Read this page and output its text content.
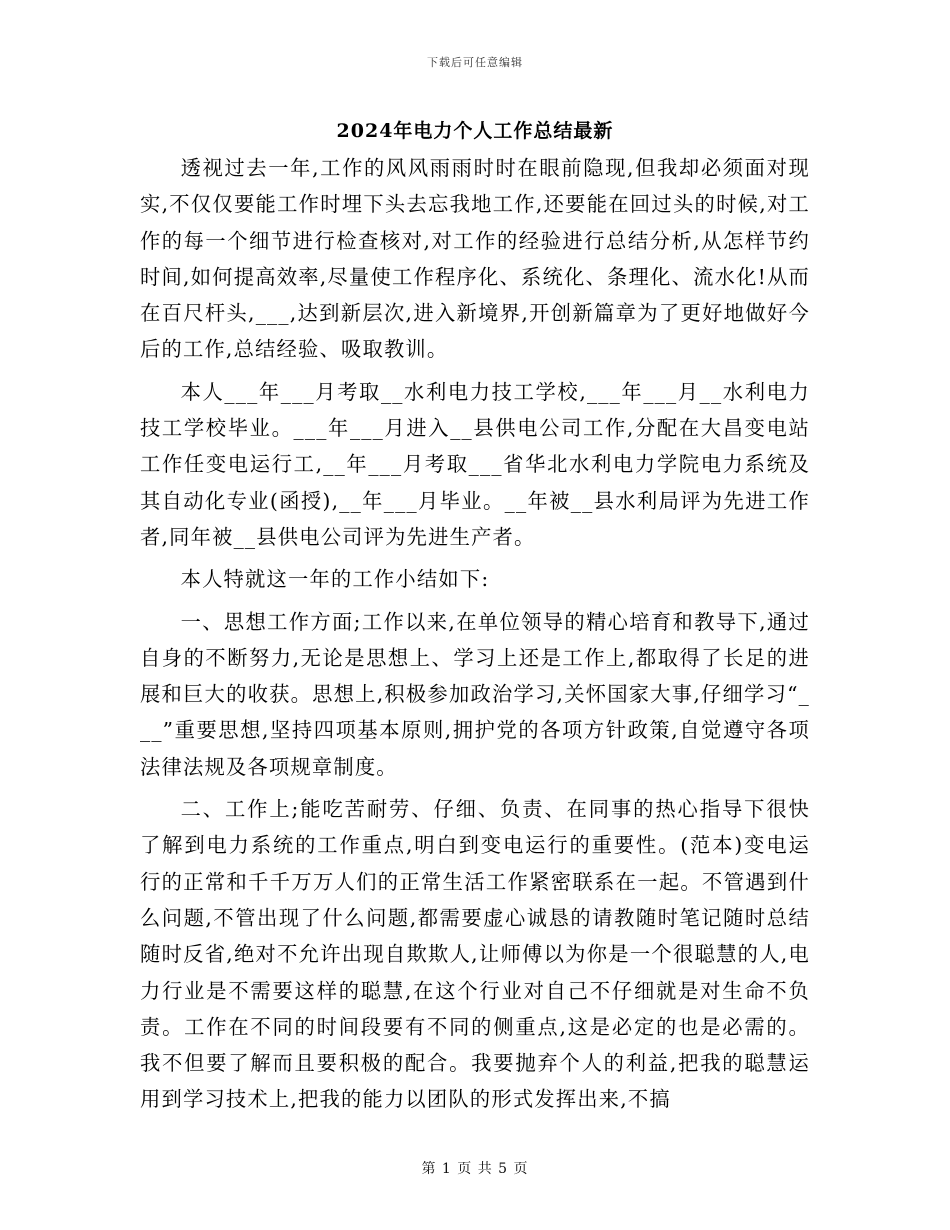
下载后可任意编辑
2024年电力个人工作总结最新

透视过去一年,工作的风风雨雨时时在眼前隐现,但我却必须面对现实,不仅仅要能工作时埋下头去忘我地工作,还要能在回过头的时候,对工作的每一个细节进行检查核对,对工作的经验进行总结分析,从怎样节约时间,如何提高效率,尽量使工作程序化、系统化、条理化、流水化!从而在百尺杆头,___,达到新层次,进入新境界,开创新篇章为了更好地做好今后的工作,总结经验、吸取教训。

本人___年___月考取__水利电力技工学校,___年___月__水利电力技工学校毕业。___年___月进入__县供电公司工作,分配在大昌变电站工作任变电运行工,__年___月考取___省华北水利电力学院电力系统及其自动化专业(函授),__年___月毕业。__年被__县水利局评为先进工作者,同年被__县供电公司评为先进生产者。

本人特就这一年的工作小结如下:

一、思想工作方面;工作以来,在单位领导的精心培育和教导下,通过自身的不断努力,无论是思想上、学习上还是工作上,都取得了长足的进展和巨大的收获。思想上,积极参加政治学习,关怀国家大事,仔细学习“___”重要思想,坚持四项基本原则,拥护党的各项方针政策,自觉遵守各项法律法规及各项规章制度。

二、工作上;能吃苦耐劳、仔细、负责、在同事的热心指导下很快了解到电力系统的工作重点,明白到变电运行的重要性。(范本)变电运行的正常和千千万万人们的正常生活工作紧密联系在一起。不管遇到什么问题,不管出现了什么问题,都需要虚心诚恳的请教随时笔记随时总结随时反省,绝对不允许出现自欺欺人,让师傅以为你是一个很聪慧的人,电力行业是不需要这样的聪慧,在这个行业对自己不仔细就是对生命不负责。工作在不同的时间段要有不同的侧重点,这是必定的也是必需的。我不但要了解而且要积极的配合。我要抛弃个人的利益,把我的聪慧运用到学习技术上,把我的能力以团队的形式发挥出来,不搞

第 1 页 共 5 页
